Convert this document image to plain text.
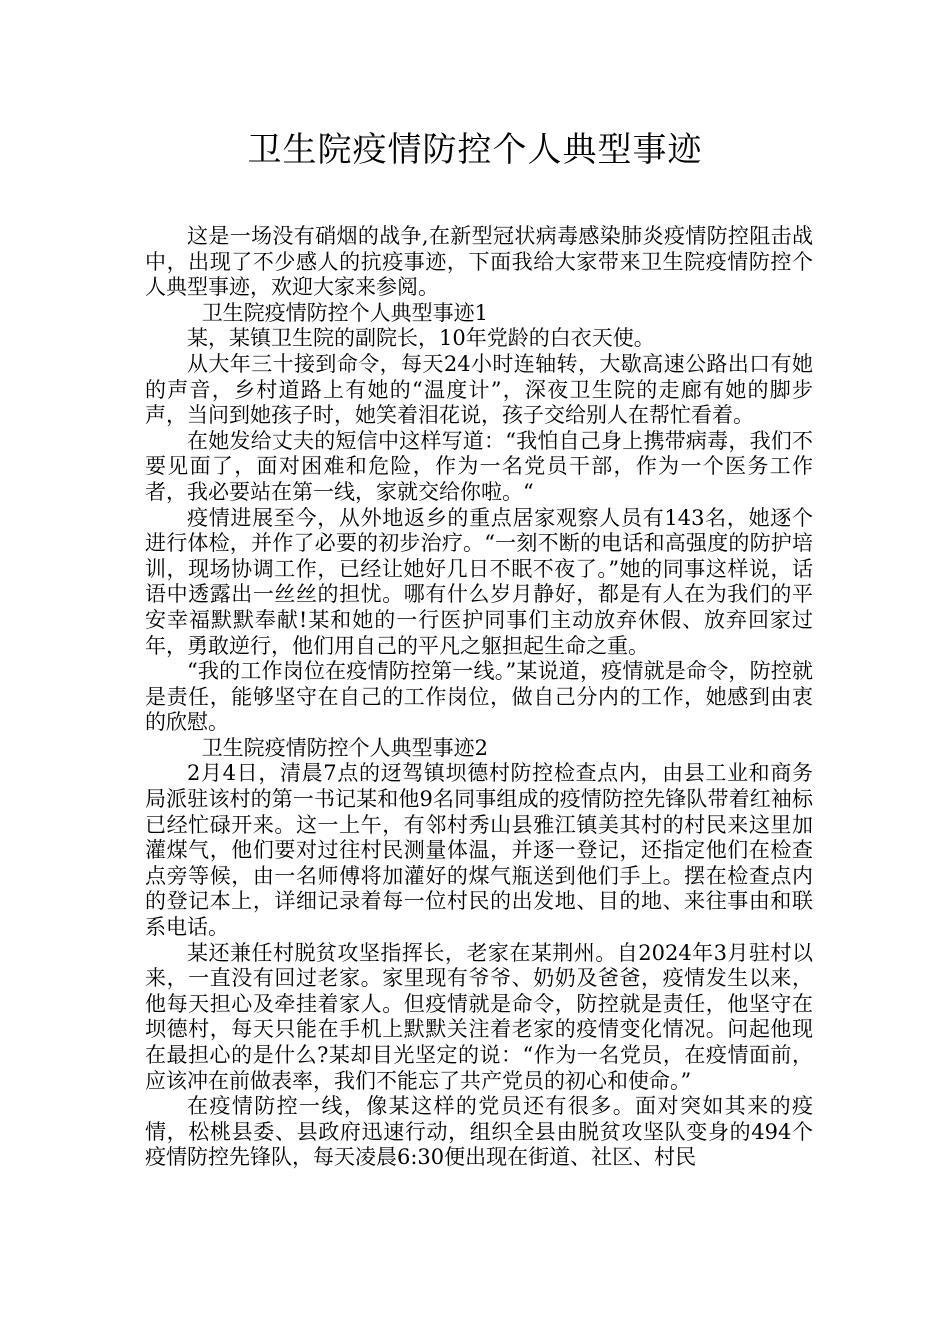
卫生院疫情防控个人典型事迹

这是一场没有硝烟的战争,在新型冠状病毒感染肺炎疫情防控阻击战中，出现了不少感人的抗疫事迹，下面我给大家带来卫生院疫情防控个人典型事迹，欢迎大家来参阅。

卫生院疫情防控个人典型事迹1

某，某镇卫生院的副院长，10年党龄的白衣天使。

从大年三十接到命令，每天24小时连轴转，大歇高速公路出口有她的声音，乡村道路上有她的“温度计”，深夜卫生院的走廊有她的脚步声，当问到她孩子时，她笑着泪花说，孩子交给别人在帮忙看着。

在她发给丈夫的短信中这样写道：“我怕自己身上携带病毒，我们不要见面了，面对困难和危险，作为一名党员干部，作为一个医务工作者，我必要站在第一线，家就交给你啦。“

疫情进展至今，从外地返乡的重点居家观察人员有143名，她逐个进行体检，并作了必要的初步治疗。“一刻不断的电话和高强度的防护培训，现场协调工作，已经让她好几日不眠不夜了。”她的同事这样说，话语中透露出一丝丝的担忧。哪有什么岁月静好，都是有人在为我们的平安幸福默默奉献!某和她的一行医护同事们主动放弃休假、放弃回家过年，勇敢逆行，他们用自己的平凡之躯担起生命之重。

“我的工作岗位在疫情防控第一线。”某说道，疫情就是命令，防控就是责任，能够坚守在自己的工作岗位，做自己分内的工作，她感到由衷的欣慰。

卫生院疫情防控个人典型事迹2

2月4日，清晨7点的迓驾镇坝德村防控检查点内，由县工业和商务局派驻该村的第一书记某和他9名同事组成的疫情防控先锋队带着红袖标已经忙碌开来。这一上午，有邻村秀山县雅江镇美其村的村民来这里加灌煤气，他们要对过往村民测量体温，并逐一登记，还指定他们在检查点旁等候，由一名师傅将加灌好的煤气瓶送到他们手上。摆在检查点内的登记本上，详细记录着每一位村民的出发地、目的地、来往事由和联系电话。

某还兼任村脱贫攻坚指挥长，老家在某荆州。自2024年3月驻村以来，一直没有回过老家。家里现有爷爷、奶奶及爸爸，疫情发生以来，他每天担心及牵挂着家人。但疫情就是命令，防控就是责任，他坚守在坝德村，每天只能在手机上默默关注着老家的疫情变化情况。问起他现在最担心的是什么?某却目光坚定的说：“作为一名党员，在疫情面前，应该冲在前做表率，我们不能忘了共产党员的初心和使命。”

在疫情防控一线，像某这样的党员还有很多。面对突如其来的疫情，松桃县委、县政府迅速行动，组织全县由脱贫攻坚队变身的494个疫情防控先锋队，每天凌晨6:30便出现在街道、社区、村民
